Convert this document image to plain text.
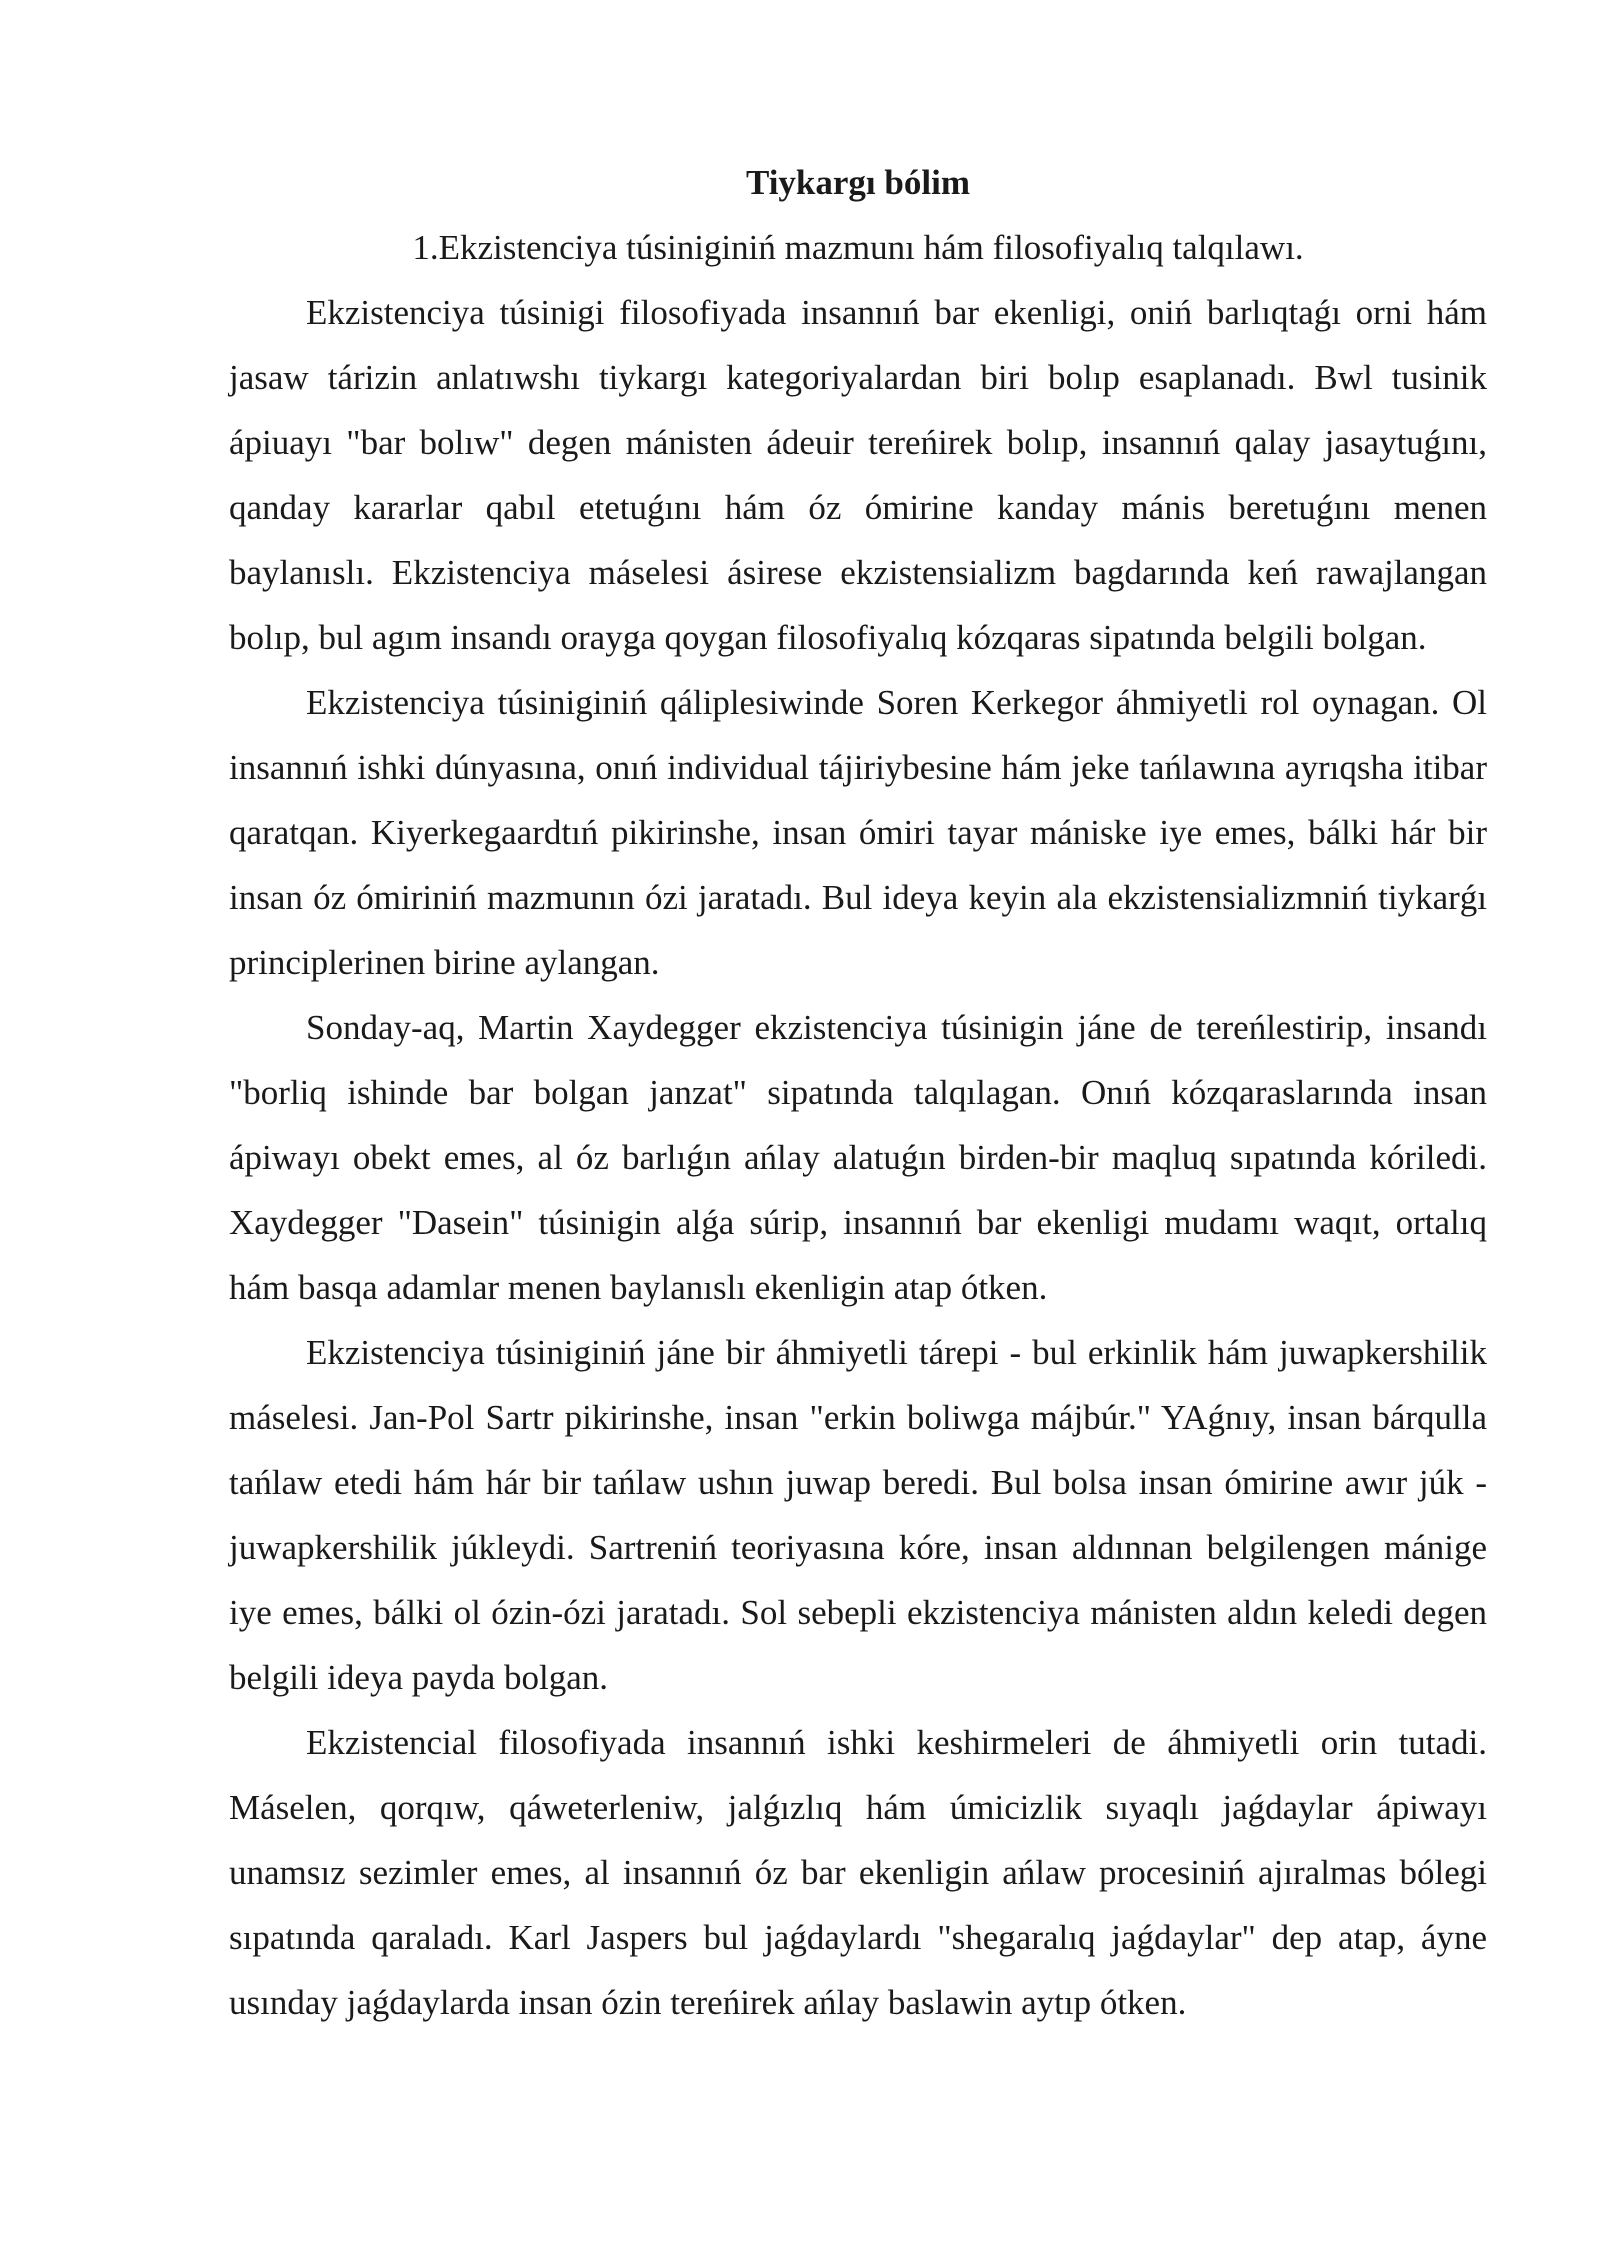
Tiykargı bólim

1.Ekzistenciya túsiniginiń mazmunı hám filosofiyalıq talqılawı.

Ekzistenciya túsinigi filosofiyada insannıń bar ekenligi, oniń barlıqtaǵı orni hám jasaw tárizin anlatıwshı tiykargı kategoriyalardan biri bolıp esaplanadı. Bwl tusinik ápiuayı "bar bolıw" degen mánisten ádeuir tereńirek bolıp, insannıń qalay jasaytuǵını, qanday kararlar qabıl etetuǵını hám óz ómirine kanday mánis beretuǵını menen baylanıslı. Ekzistenciya máselesi ásirese ekzistensializm bagdarında keń rawajlangan bolıp, bul agım insandı orayga qoygan filosofiyalıq kózqaras sipatında belgili bolgan.

Ekzistenciya túsiniginiń qáliplesiwinde Soren Kerkegor áhmiyetli rol oynagan. Ol insannıń ishki dúnyasına, onıń individual tájiriybesine hám jeke tańlawına ayrıqsha itibar qaratqan. Kiyerkegaardtıń pikirinshe, insan ómiri tayar mániske iye emes, bálki hár bir insan óz ómiriniń mazmunın ózi jaratadı. Bul ideya keyin ala ekzistensializmniń tiykarǵı principlerinen birine aylangan.

Sonday-aq, Martin Xaydegger ekzistenciya túsinigin jáne de tereńlestirip, insandı "borliq ishinde bar bolgan janzat" sipatında talqılagan. Onıń kózqaraslarında insan ápiwayı obekt emes, al óz barlıǵın ańlay alatuǵın birden-bir maqluq sıpatında kóriledi. Xaydegger "Dasein" túsinigin alǵa súrip, insannıń bar ekenligi mudamı waqıt, ortalıq hám basqa adamlar menen baylanıslı ekenligin atap ótken.

Ekzistenciya túsiniginiń jáne bir áhmiyetli tárepi - bul erkinlik hám juwapkershilik máselesi. Jan-Pol Sartr pikirinshe, insan "erkin boliwga májbúr." YAǵnıy, insan bárqulla tańlaw etedi hám hár bir tańlaw ushın juwap beredi. Bul bolsa insan ómirine awır júk - juwapkershilik júkleydi. Sartreniń teoriyasına kóre, insan aldınnan belgilengen mánige iye emes, bálki ol ózin-ózi jaratadı. Sol sebepli ekzistenciya mánisten aldın keledi degen belgili ideya payda bolgan.

Ekzistencial filosofiyada insannıń ishki keshirmeleri de áhmiyetli orin tutadi. Máselen, qorqıw, qáweterleniw, jalǵızlıq hám úmicizlik sıyaqlı jaǵdaylar ápiwayı unamsız sezimler emes, al insannıń óz bar ekenligin ańlaw procesiniń ajıralmas bólegi sıpatında qaraladı. Karl Jaspers bul jaǵdaylardı "shegaralıq jaǵdaylar" dep atap, áyne usınday jaǵdaylarda insan ózin tereńirek ańlay baslawin aytıp ótken.
